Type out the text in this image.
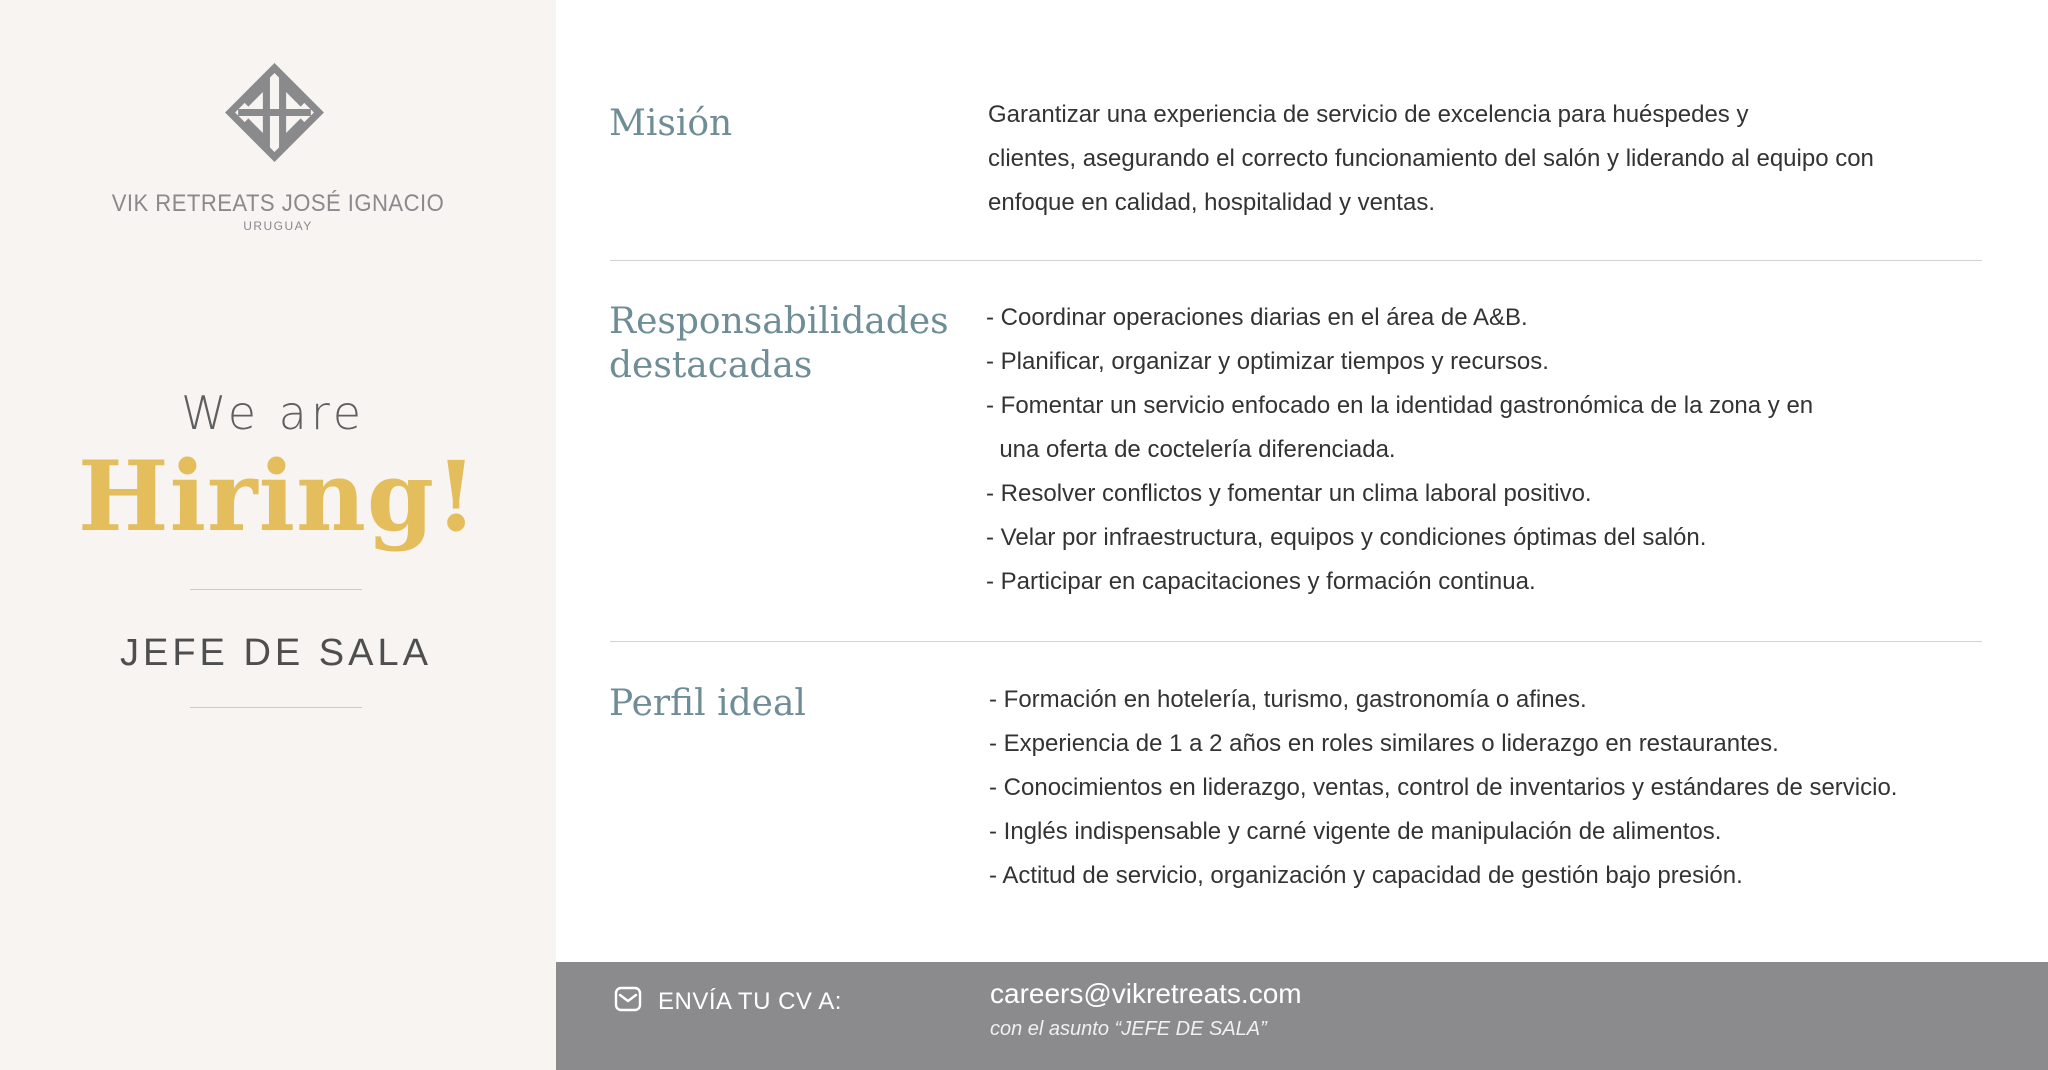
VIK RETREATS JOSÉ IGNACIO
URUGUAY
We are
Hiring!
JEFE DE SALA
Misión	Garantizar una experiencia de servicio de excelencia para huéspedes y
clientes, asegurando el correcto funcionamiento del salón y liderando al equipo con
enfoque en calidad, hospitalidad y ventas.
Responsabilidades
destacadas
- Coordinar operaciones diarias en el área de A&B.
- Planificar, organizar y optimizar tiempos y recursos.
- Fomentar un servicio enfocado en la identidad gastronómica de la zona y en
una oferta de coctelería diferenciada.
- Resolver conflictos y fomentar un clima laboral positivo.
- Velar por infraestructura, equipos y condiciones óptimas del salón.
- Participar en capacitaciones y formación continua.
Perfil ideal	- Formación en hotelería, turismo, gastronomía o afines.
- Experiencia de 1 a 2 años en roles similares o liderazgo en restaurantes.
- Conocimientos en liderazgo, ventas, control de inventarios y estándares de servicio.
- Inglés indispensable y carné vigente de manipulación de alimentos.
- Actitud de servicio, organización y capacidad de gestión bajo presión.
ENVÍA TU CV A:	careers@vikretreats.com
con el asunto “JEFE DE SALA”
